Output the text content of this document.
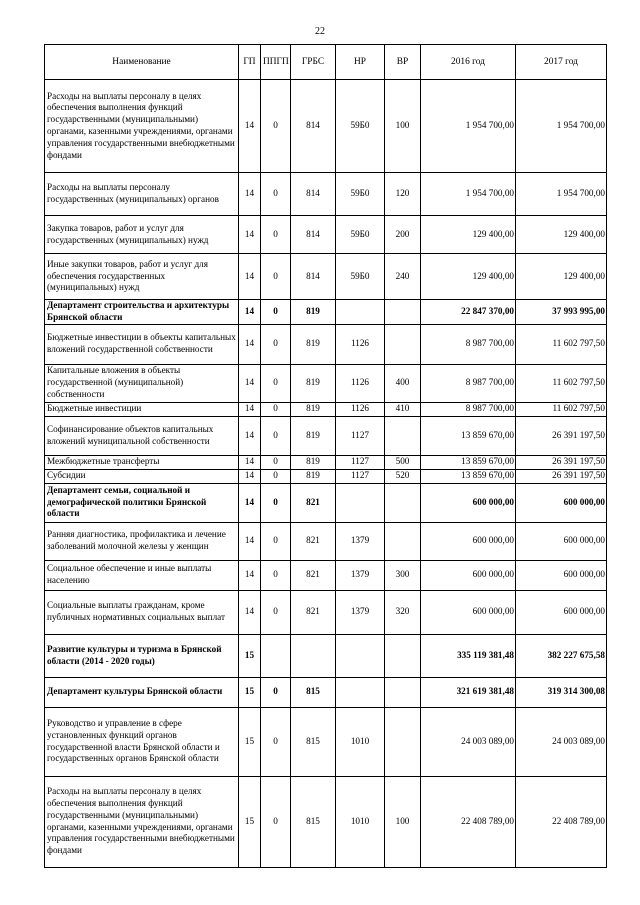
22
Наименование	ГП	ППГП	ГРБС	НР	ВР	2016 год	2017 год
Расходы на выплаты персоналу в целях обеспечения выполнения функций государственными (муниципальными) органами, казенными учреждениями, органами управления государственными внебюджетными фондами	14	0	814	59Б0	100	1 954 700,00	1 954 700,00
Расходы на выплаты персоналу государственных (муниципальных) органов	14	0	814	59Б0	120	1 954 700,00	1 954 700,00
Закупка товаров, работ и услуг для государственных (муниципальных) нужд	14	0	814	59Б0	200	129 400,00	129 400,00
Иные закупки товаров, работ и услуг для обеспечения государственных (муниципальных) нужд	14	0	814	59Б0	240	129 400,00	129 400,00
Департамент строительства и архитектуры Брянской области	14	0	819			22 847 370,00	37 993 995,00
Бюджетные инвестиции в объекты капитальных вложений государственной собственности	14	0	819	1126		8 987 700,00	11 602 797,50
Капитальные вложения в объекты государственной (муниципальной) собственности	14	0	819	1126	400	8 987 700,00	11 602 797,50
Бюджетные инвестиции	14	0	819	1126	410	8 987 700,00	11 602 797,50
Софинансирование объектов капитальных вложений муниципальной собственности	14	0	819	1127		13 859 670,00	26 391 197,50
Межбюджетные трансферты	14	0	819	1127	500	13 859 670,00	26 391 197,50
Субсидии	14	0	819	1127	520	13 859 670,00	26 391 197,50
Департамент семьи, социальной и демографической политики Брянской области	14	0	821			600 000,00	600 000,00
Ранняя диагностика, профилактика и лечение заболеваний молочной железы у женщин	14	0	821	1379		600 000,00	600 000,00
Социальное обеспечение и иные выплаты населению	14	0	821	1379	300	600 000,00	600 000,00
Социальные выплаты гражданам, кроме публичных нормативных социальных выплат	14	0	821	1379	320	600 000,00	600 000,00
Развитие культуры и туризма в Брянской области (2014 - 2020 годы)	15					335 119 381,48	382 227 675,58
Департамент культуры Брянской области	15	0	815			321 619 381,48	319 314 300,08
Руководство и управление в сфере установленных функций органов государственной власти Брянской области и государственных органов Брянской области	15	0	815	1010		24 003 089,00	24 003 089,00
Расходы на выплаты персоналу в целях обеспечения выполнения функций государственными (муниципальными) органами, казенными учреждениями, органами управления государственными внебюджетными фондами	15	0	815	1010	100	22 408 789,00	22 408 789,00
